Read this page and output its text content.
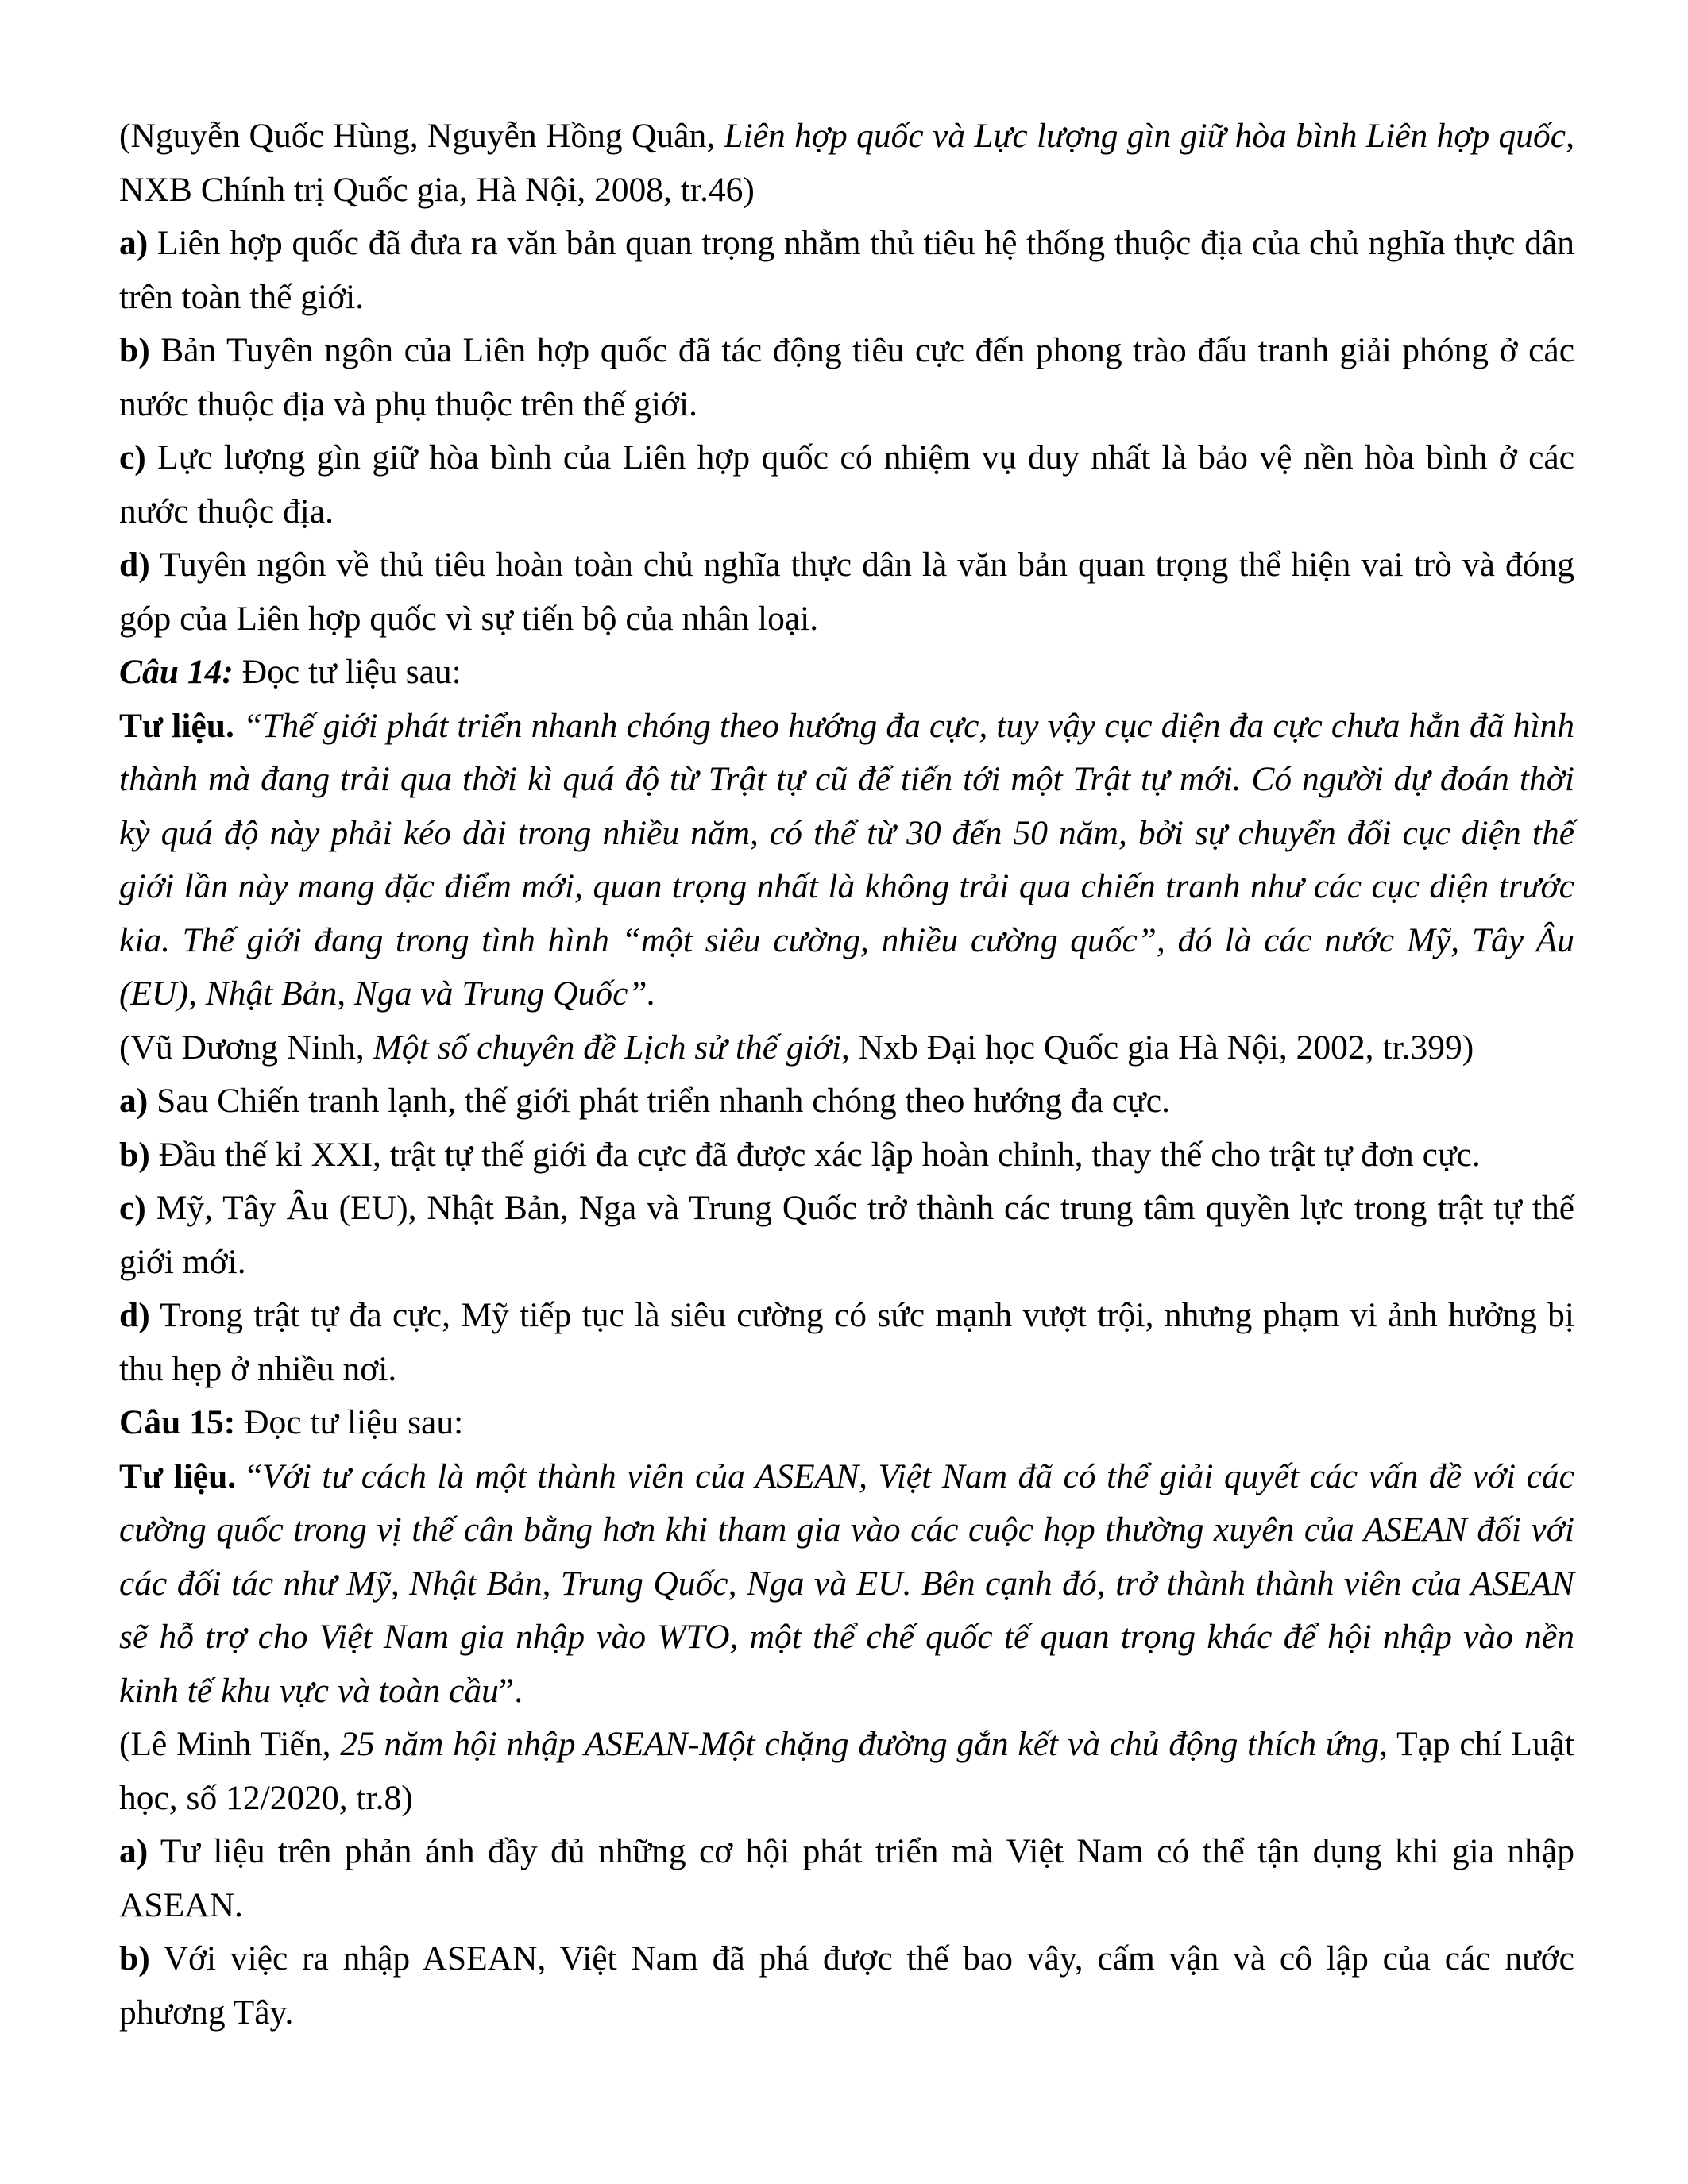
(Nguyễn Quốc Hùng, Nguyễn Hồng Quân, Liên hợp quốc và Lực lượng gìn giữ hòa bình Liên hợp quốc, NXB Chính trị Quốc gia, Hà Nội, 2008, tr.46)

a) Liên hợp quốc đã đưa ra văn bản quan trọng nhằm thủ tiêu hệ thống thuộc địa của chủ nghĩa thực dân trên toàn thế giới.

b) Bản Tuyên ngôn của Liên hợp quốc đã tác động tiêu cực đến phong trào đấu tranh giải phóng ở các nước thuộc địa và phụ thuộc trên thế giới.

c) Lực lượng gìn giữ hòa bình của Liên hợp quốc có nhiệm vụ duy nhất là bảo vệ nền hòa bình ở các nước thuộc địa.

d) Tuyên ngôn về thủ tiêu hoàn toàn chủ nghĩa thực dân là văn bản quan trọng thể hiện vai trò và đóng góp của Liên hợp quốc vì sự tiến bộ của nhân loại.

Câu 14: Đọc tư liệu sau:

Tư liệu. “Thế giới phát triển nhanh chóng theo hướng đa cực, tuy vậy cục diện đa cực chưa hẳn đã hình thành mà đang trải qua thời kì quá độ từ Trật tự cũ để tiến tới một Trật tự mới. Có người dự đoán thời kỳ quá độ này phải kéo dài trong nhiều năm, có thể từ 30 đến 50 năm, bởi sự chuyển đổi cục diện thế giới lần này mang đặc điểm mới, quan trọng nhất là không trải qua chiến tranh như các cục diện trước kia. Thế giới đang trong tình hình “một siêu cường, nhiều cường quốc”, đó là các nước Mỹ, Tây Âu (EU), Nhật Bản, Nga và Trung Quốc”.

(Vũ Dương Ninh, Một số chuyên đề Lịch sử thế giới, Nxb Đại học Quốc gia Hà Nội, 2002, tr.399)

a) Sau Chiến tranh lạnh, thế giới phát triển nhanh chóng theo hướng đa cực.

b) Đầu thế kỉ XXI, trật tự thế giới đa cực đã được xác lập hoàn chỉnh, thay thế cho trật tự đơn cực.

c) Mỹ, Tây Âu (EU), Nhật Bản, Nga và Trung Quốc trở thành các trung tâm quyền lực trong trật tự thế giới mới.

d) Trong trật tự đa cực, Mỹ tiếp tục là siêu cường có sức mạnh vượt trội, nhưng phạm vi ảnh hưởng bị thu hẹp ở nhiều nơi.

Câu 15: Đọc tư liệu sau:

Tư liệu. “Với tư cách là một thành viên của ASEAN, Việt Nam đã có thể giải quyết các vấn đề với các cường quốc trong vị thế cân bằng hơn khi tham gia vào các cuộc họp thường xuyên của ASEAN đối với các đối tác như Mỹ, Nhật Bản, Trung Quốc, Nga và EU. Bên cạnh đó, trở thành thành viên của ASEAN sẽ hỗ trợ cho Việt Nam gia nhập vào WTO, một thể chế quốc tế quan trọng khác để hội nhập vào nền kinh tế khu vực và toàn cầu”.

(Lê Minh Tiến, 25 năm hội nhập ASEAN-Một chặng đường gắn kết và chủ động thích ứng, Tạp chí Luật học, số 12/2020, tr.8)

a) Tư liệu trên phản ánh đầy đủ những cơ hội phát triển mà Việt Nam có thể tận dụng khi gia nhập ASEAN.

b) Với việc ra nhập ASEAN, Việt Nam đã phá được thế bao vây, cấm vận và cô lập của các nước phương Tây.
